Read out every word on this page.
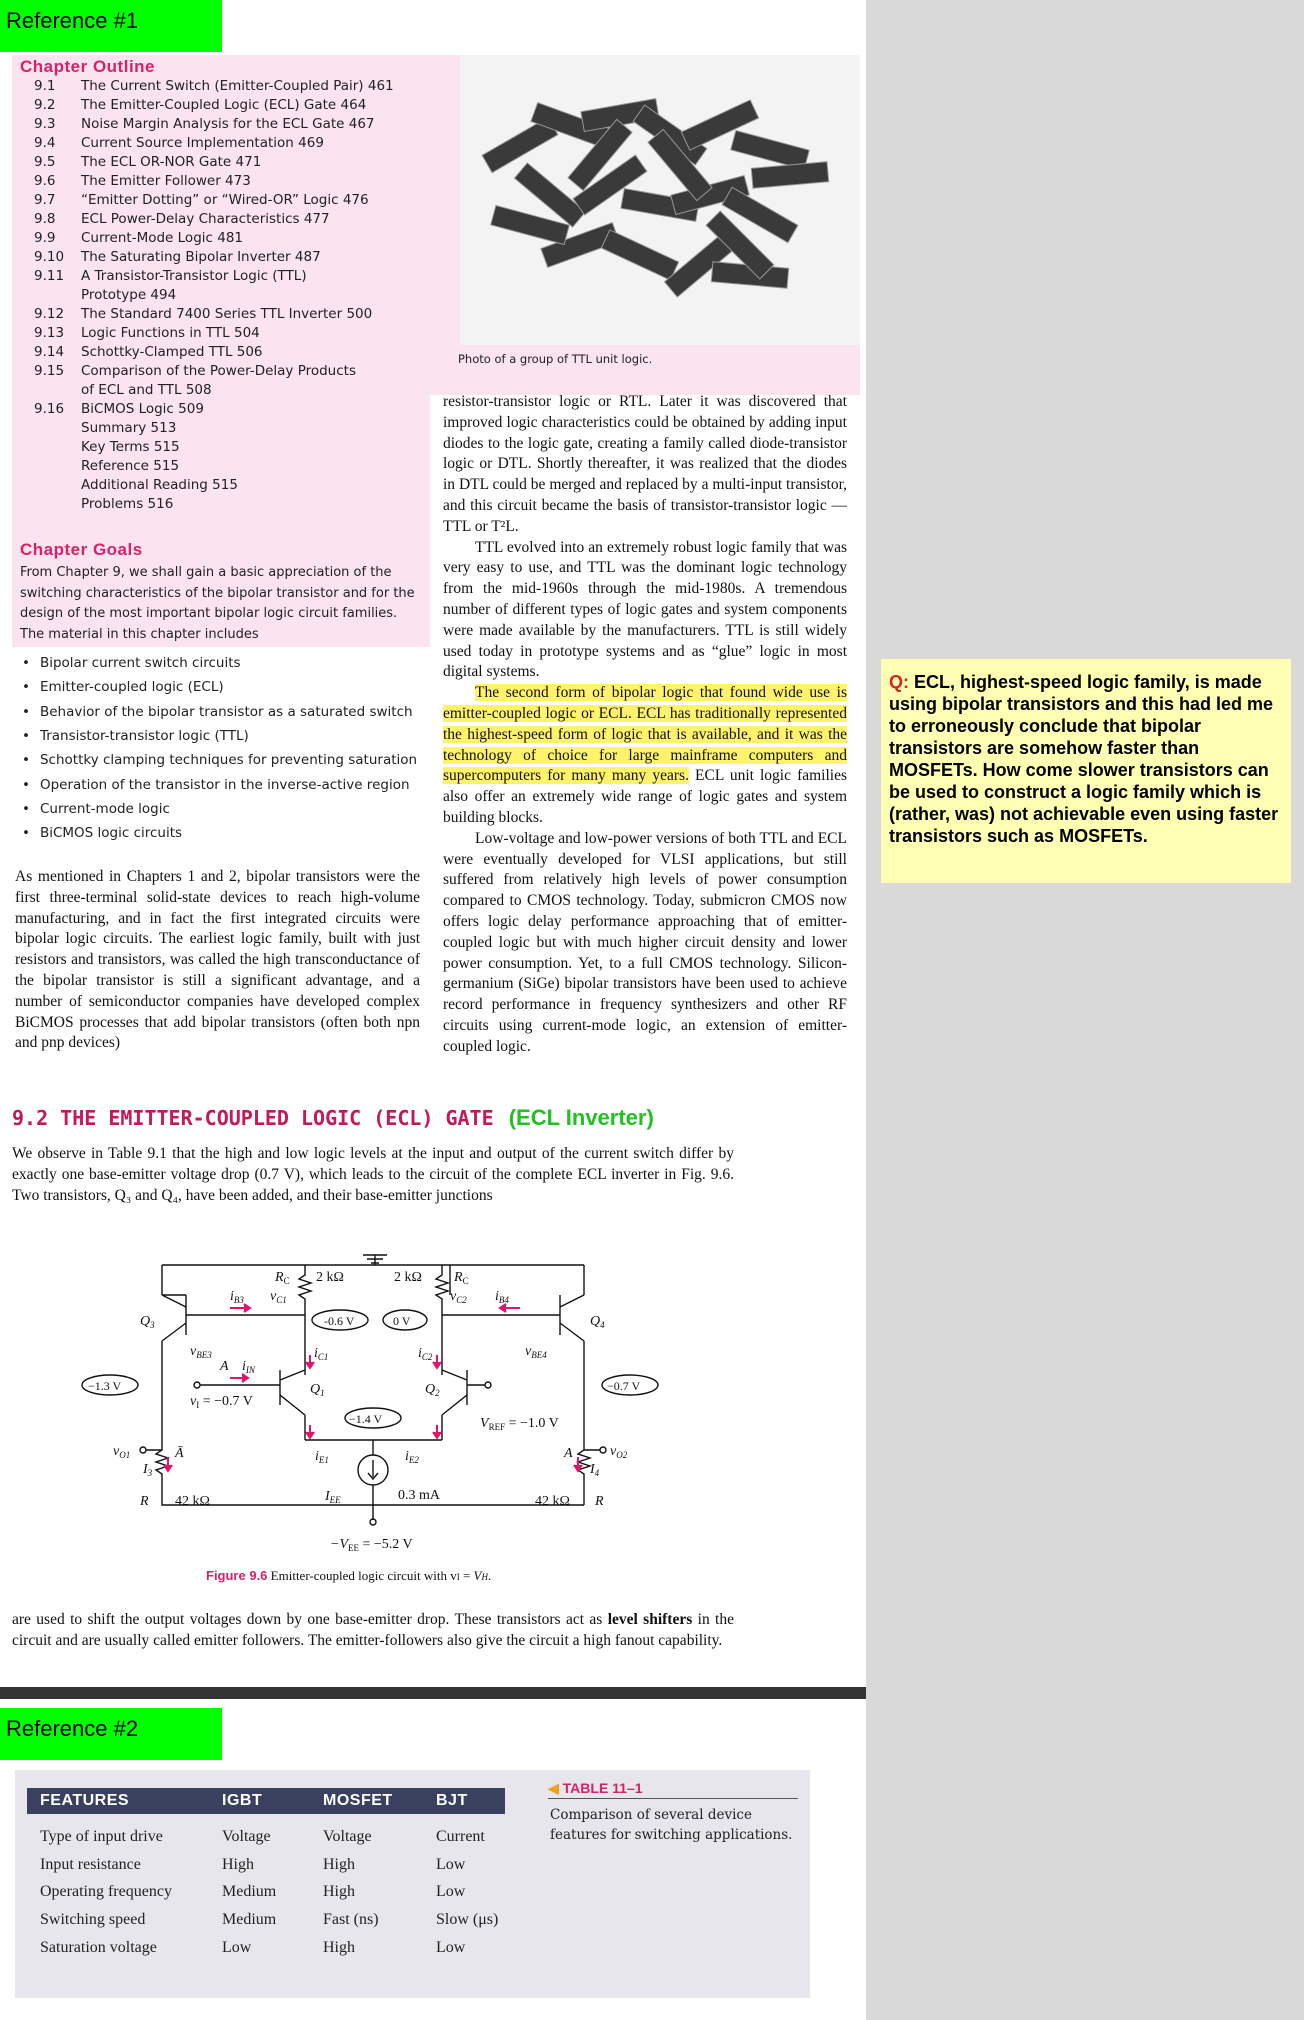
Reference #1
Chapter Outline
9.1 The Current Switch (Emitter-Coupled Pair) 461
9.2 The Emitter-Coupled Logic (ECL) Gate 464
9.3 Noise Margin Analysis for the ECL Gate 467
9.4 Current Source Implementation 469
9.5 The ECL OR-NOR Gate 471
9.6 The Emitter Follower 473
9.7 “Emitter Dotting” or “Wired-OR” Logic 476
9.8 ECL Power-Delay Characteristics 477
9.9 Current-Mode Logic 481
9.10 The Saturating Bipolar Inverter 487
9.11 A Transistor-Transistor Logic (TTL)
Prototype 494
9.12 The Standard 7400 Series TTL Inverter 500
9.13 Logic Functions in TTL 504
9.14 Schottky-Clamped TTL 506
9.15 Comparison of the Power-Delay Products
of ECL and TTL 508
9.16 BiCMOS Logic 509
Summary 513
Key Terms 515
Reference 515
Additional Reading 515
Problems 516
Chapter Goals
From Chapter 9, we shall gain a basic appreciation of the switching characteristics of the bipolar transistor and for the design of the most important bipolar logic circuit families. The material in this chapter includes
• Bipolar current switch circuits
• Emitter-coupled logic (ECL)
• Behavior of the bipolar transistor as a saturated switch
• Transistor-transistor logic (TTL)
• Schottky clamping techniques for preventing saturation
• Operation of the transistor in the inverse-active region
• Current-mode logic
• BiCMOS logic circuits
As mentioned in Chapters 1 and 2, bipolar transistors were the first three-terminal solid-state devices to reach high-volume manufacturing, and in fact the first integrated circuits were bipolar logic circuits. The earliest logic family, built with just resistors and transistors, was called the high transconductance of the bipolar transistor is still a significant advantage, and a number of semiconductor companies have developed complex BiCMOS processes that add bipolar transistors (often both npn and pnp devices)
Photo of a group of TTL unit logic.
resistor-transistor logic or RTL. Later it was discovered that improved logic characteristics could be obtained by adding input diodes to the logic gate, creating a family called diode-transistor logic or DTL. Shortly thereafter, it was realized that the diodes in DTL could be merged and replaced by a multi-input transistor, and this circuit became the basis of transistor-transistor logic — TTL or T²L.
TTL evolved into an extremely robust logic family that was very easy to use, and TTL was the dominant logic technology from the mid-1960s through the mid-1980s. A tremendous number of different types of logic gates and system components were made available by the manufacturers. TTL is still widely used today in prototype systems and as “glue” logic in most digital systems.
The second form of bipolar logic that found wide use is emitter-coupled logic or ECL. ECL has traditionally represented the highest-speed form of logic that is available, and it was the technology of choice for large mainframe computers and supercomputers for many many years. ECL unit logic families also offer an extremely wide range of logic gates and system building blocks.
Low-voltage and low-power versions of both TTL and ECL were eventually developed for VLSI applications, but still suffered from relatively high levels of power consumption compared to CMOS technology. Today, submicron CMOS now offers logic delay performance approaching that of emitter-coupled logic but with much higher circuit density and lower power consumption. Yet, to a full CMOS technology. Silicon-germanium (SiGe) bipolar transistors have been used to achieve record performance in frequency synthesizers and other RF circuits using current-mode logic, an extension of emitter-coupled logic.
Q: ECL, highest-speed logic family, is made using bipolar transistors and this had led me to erroneously conclude that bipolar transistors are somehow faster than MOSFETs. How come slower transistors can be used to construct a logic family which is (rather, was) not achievable even using faster transistors such as MOSFETs.
9.2 THE EMITTER-COUPLED LOGIC (ECL) GATE (ECL Inverter)
We observe in Table 9.1 that the high and low logic levels at the input and output of the current switch differ by exactly one base-emitter voltage drop (0.7 V), which leads to the circuit of the complete ECL inverter in Fig. 9.6. Two transistors, Q₃ and Q₄, have been added, and their base-emitter junctions
$R_C$ 2 kΩ	2 kΩ $R_C$
-0.6 V	0 V
$i_{B3}$ $v_{C1}$	$v_{C2}$ $i_{B4}$
$Q_3$	$Q_4$
$v_{BE3}$	$v_{BE4}$
$i_{C1}$	$i_{C2}$
$Q_1$	$Q_2$
A $i_{IN}$
$v_I = -0.7$ V
$V_{REF} = -1.0$ V
−1.4 V
−1.3 V	−0.7 V
$i_{E1}$	$i_{E2}$
$I_{EE}$	0.3 mA
42 kΩ	42 kΩ
R	R
Ā	A
$I_3$	$I_4$
$v_{O1}$	$v_{O2}$
$-V_{EE} = -5.2$ V
Figure 9.6 Emitter-coupled logic circuit with vI = VH.
are used to shift the output voltages down by one base-emitter drop. These transistors act as level shifters in the circuit and are usually called emitter followers. The emitter-followers also give the circuit a high fanout capability.
Reference #2
FEATURES	IGBT	MOSFET	BJT
Type of input drive	Voltage	Voltage	Current
Input resistance	High	High	Low
Operating frequency	Medium	High	Low
Switching speed	Medium	Fast (ns)	Slow (μs)
Saturation voltage	Low	High	Low
◀ TABLE 11–1
Comparison of several device features for switching applications.
